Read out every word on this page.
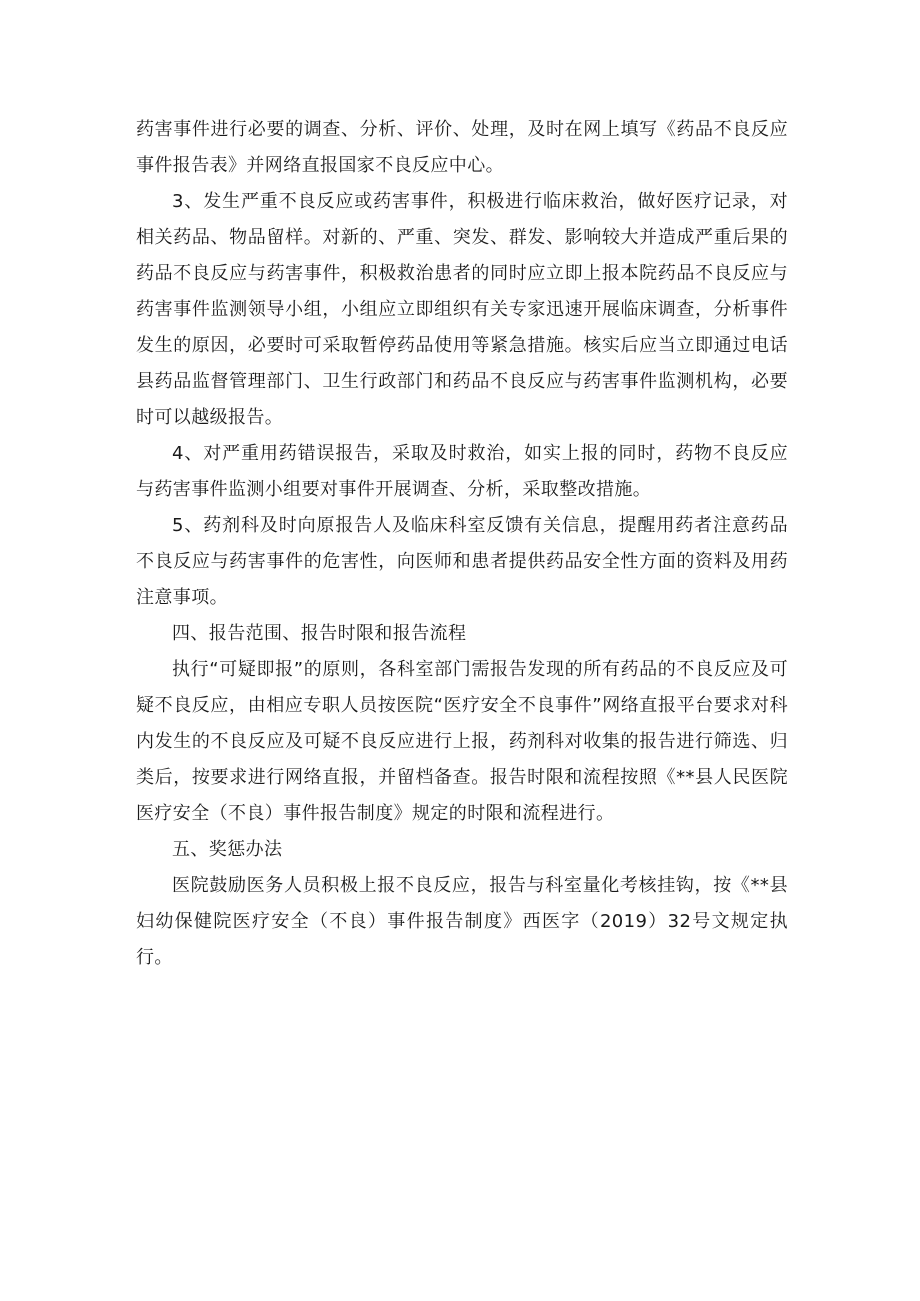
药害事件进行必要的调查、分析、评价、处理，及时在网上填写《药品不良反应事件报告表》并网络直报国家不良反应中心。

3、发生严重不良反应或药害事件，积极进行临床救治，做好医疗记录，对相关药品、物品留样。对新的、严重、突发、群发、影响较大并造成严重后果的药品不良反应与药害事件，积极救治患者的同时应立即上报本院药品不良反应与药害事件监测领导小组，小组应立即组织有关专家迅速开展临床调查，分析事件发生的原因，必要时可采取暂停药品使用等紧急措施。核实后应当立即通过电话县药品监督管理部门、卫生行政部门和药品不良反应与药害事件监测机构，必要时可以越级报告。

4、对严重用药错误报告，采取及时救治，如实上报的同时，药物不良反应与药害事件监测小组要对事件开展调查、分析，采取整改措施。

5、药剂科及时向原报告人及临床科室反馈有关信息，提醒用药者注意药品不良反应与药害事件的危害性，向医师和患者提供药品安全性方面的资料及用药注意事项。

四、报告范围、报告时限和报告流程

执行“可疑即报”的原则，各科室部门需报告发现的所有药品的不良反应及可疑不良反应，由相应专职人员按医院“医疗安全不良事件”网络直报平台要求对科内发生的不良反应及可疑不良反应进行上报，药剂科对收集的报告进行筛选、归类后，按要求进行网络直报，并留档备查。报告时限和流程按照《**县人民医院医疗安全（不良）事件报告制度》规定的时限和流程进行。

五、奖惩办法

医院鼓励医务人员积极上报不良反应，报告与科室量化考核挂钩，按《**县妇幼保健院医疗安全（不良）事件报告制度》西医字（2019）32号文规定执行。
